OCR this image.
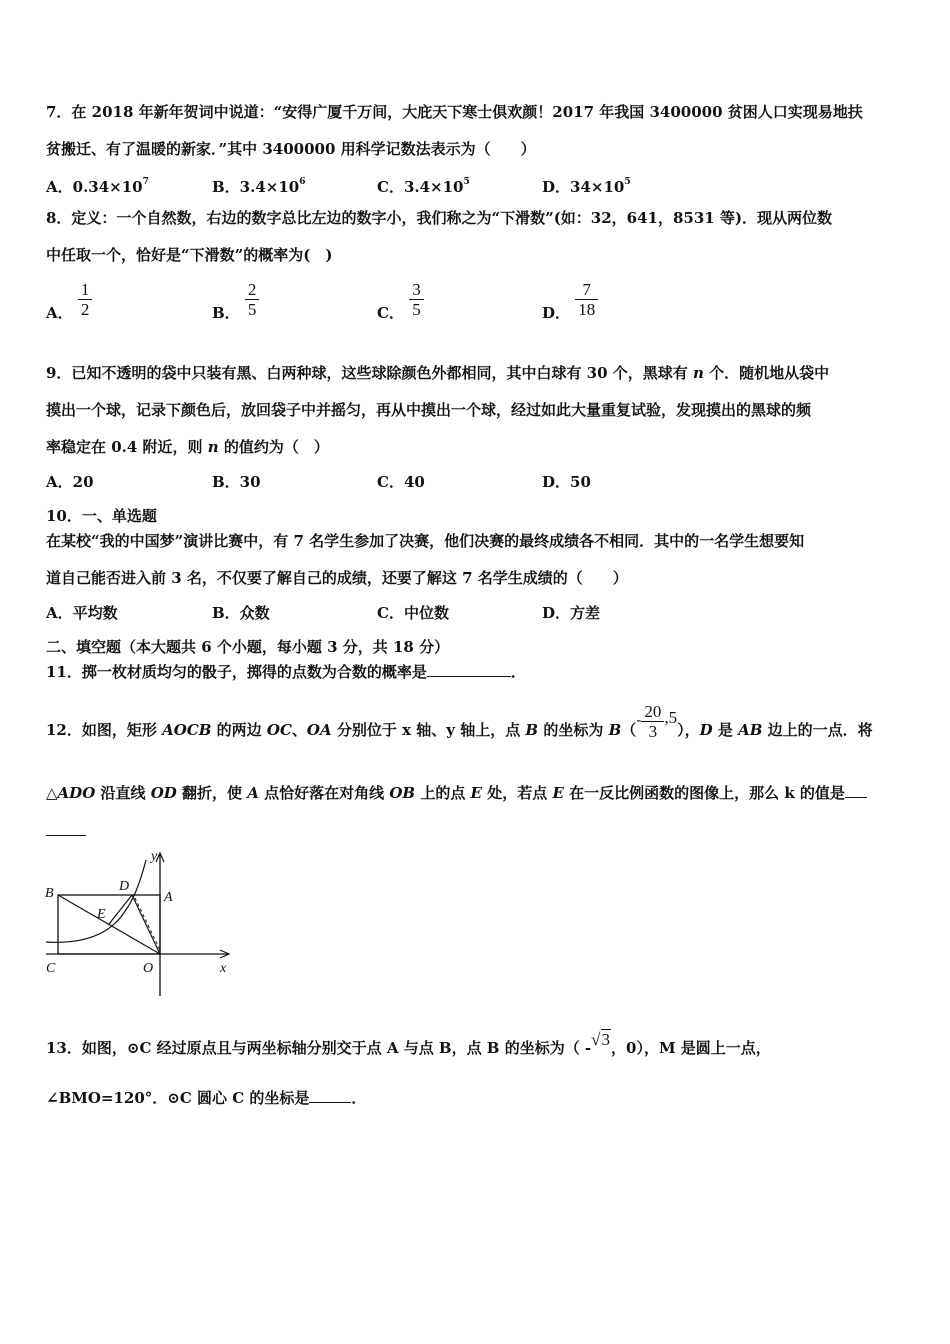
7．在 2018 年新年贺词中说道：“安得广厦千万间，大庇天下寒士俱欢颜！2017 年我国 3400000 贫困人口实现易地扶
贫搬迁、有了温暖的新家．”其中 3400000 用科学记数法表示为（　　）
A．$0.34\times 10^7$	B．$3.4\times 10^6$	C．$3.4\times 10^5$	D．$34\times 10^5$
8．定义：一个自然数，右边的数字总比左边的数字小，我们称之为“下滑数”(如：32，641，8531 等)．现从两位数
中任取一个，恰好是“下滑数”的概率为(　)
A． $\frac{1}{2}$	B． $\frac{2}{5}$	C． $\frac{3}{5}$	D． $\frac{7}{18}$
9．已知不透明的袋中只装有黑、白两种球，这些球除颜色外都相同，其中白球有 30 个，黑球有 n 个．随机地从袋中
摸出一个球，记录下颜色后，放回袋子中并摇匀，再从中摸出一个球，经过如此大量重复试验，发现摸出的黑球的频
率稳定在 0.4 附近，则 n 的值约为（　）
A．20	B．30	C．40	D．50
10．一、单选题
在某校“我的中国梦”演讲比赛中，有 7 名学生参加了决赛，他们决赛的最终成绩各不相同．其中的一名学生想要知
道自己能否进入前 3 名，不仅要了解自己的成绩，还要了解这 7 名学生成绩的（　　）
A．平均数	B．众数	C．中位数	D．方差
二、填空题（本大题共 6 个小题，每小题 3 分，共 18 分）
11．掷一枚材质均匀的骰子，掷得的点数为合数的概率是	．
12．如图，矩形 AOCB 的两边 OC、OA 分别位于 x 轴、y 轴上，点 B 的坐标为 $B(- \frac{20}{3} ,5)$，D 是 AB 边上的一点．将
△ADO 沿直线 OD 翻折，使 A 点恰好落在对角线 OB 上的点 E 处，若点 E 在一反比例函数的图像上，那么 k 的值是
y
x
B	A
D
E
C	O
13．如图，⊙C 经过原点且与两坐标轴分别交于点 A 与点 B，点 B 的坐标为（ -√3，0），M 是圆上一点，
∠BMO=120°．⊙C 圆心 C 的坐标是	．
